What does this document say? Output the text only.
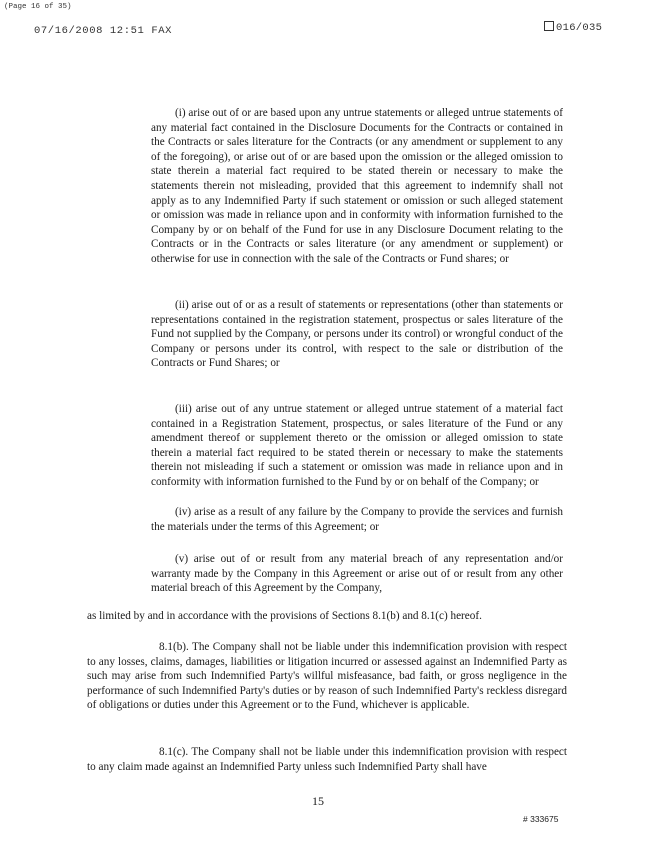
(Page 16 of 35)
07/16/2008 12:51 FAX	016/035

(i) arise out of or are based upon any untrue statements or alleged untrue statements of any material fact contained in the Disclosure Documents for the Contracts or contained in the Contracts or sales literature for the Contracts (or any amendment or supplement to any of the foregoing), or arise out of or are based upon the omission or the alleged omission to state therein a material fact required to be stated therein or necessary to make the statements therein not misleading, provided that this agreement to indemnify shall not apply as to any Indemnified Party if such statement or omission or such alleged statement or omission was made in reliance upon and in conformity with information furnished to the Company by or on behalf of the Fund for use in any Disclosure Document relating to the Contracts or in the Contracts or sales literature (or any amendment or supplement) or otherwise for use in connection with the sale of the Contracts or Fund shares; or

(ii) arise out of or as a result of statements or representations (other than statements or representations contained in the registration statement, prospectus or sales literature of the Fund not supplied by the Company, or persons under its control) or wrongful conduct of the Company or persons under its control, with respect to the sale or distribution of the Contracts or Fund Shares; or

(iii) arise out of any untrue statement or alleged untrue statement of a material fact contained in a Registration Statement, prospectus, or sales literature of the Fund or any amendment thereof or supplement thereto or the omission or alleged omission to state therein a material fact required to be stated therein or necessary to make the statements therein not misleading if such a statement or omission was made in reliance upon and in conformity with information furnished to the Fund by or on behalf of the Company; or

(iv) arise as a result of any failure by the Company to provide the services and furnish the materials under the terms of this Agreement; or

(v) arise out of or result from any material breach of any representation and/or warranty made by the Company in this Agreement or arise out of or result from any other material breach of this Agreement by the Company,

as limited by and in accordance with the provisions of Sections 8.1(b) and 8.1(c) hereof.

8.1(b). The Company shall not be liable under this indemnification provision with respect to any losses, claims, damages, liabilities or litigation incurred or assessed against an Indemnified Party as such may arise from such Indemnified Party's willful misfeasance, bad faith, or gross negligence in the performance of such Indemnified Party's duties or by reason of such Indemnified Party's reckless disregard of obligations or duties under this Agreement or to the Fund, whichever is applicable.

8.1(c). The Company shall not be liable under this indemnification provision with respect to any claim made against an Indemnified Party unless such Indemnified Party shall have

15
# 333675
